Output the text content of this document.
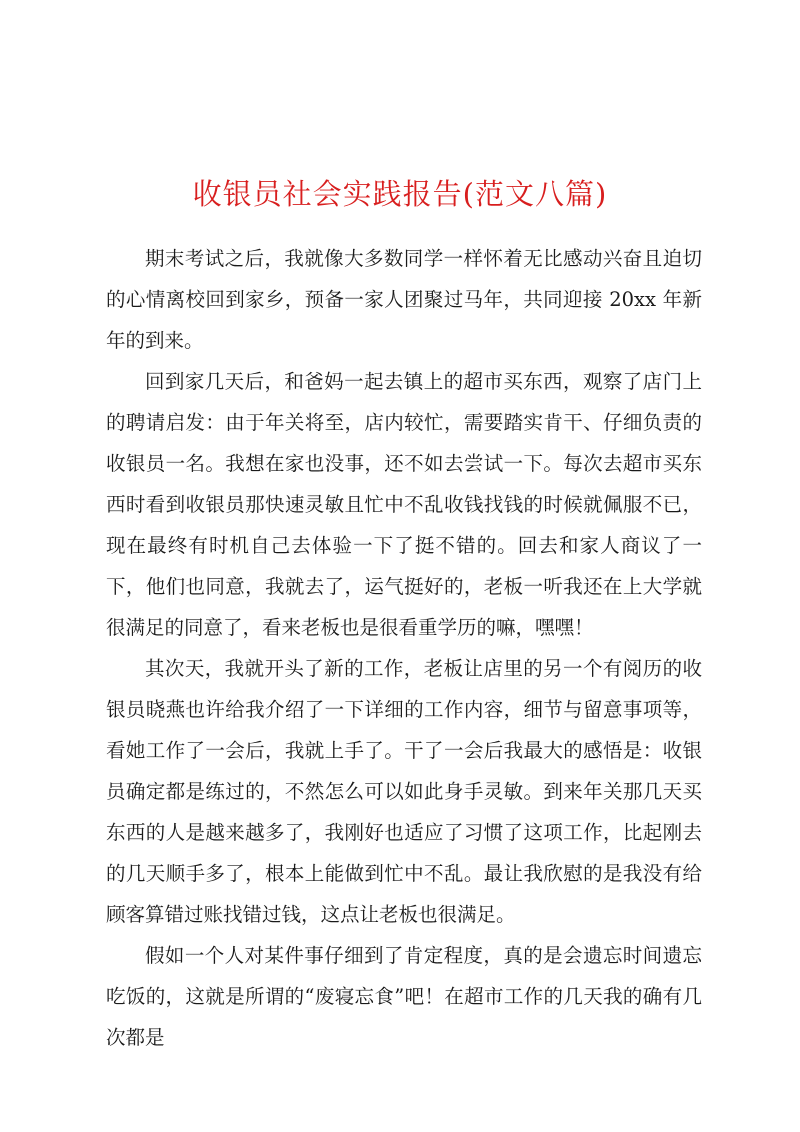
收银员社会实践报告(范文八篇)

期末考试之后，我就像大多数同学一样怀着无比感动兴奋且迫切的心情离校回到家乡，预备一家人团聚过马年，共同迎接 20xx 年新年的到来。

回到家几天后，和爸妈一起去镇上的超市买东西，观察了店门上的聘请启发：由于年关将至，店内较忙，需要踏实肯干、仔细负责的收银员一名。我想在家也没事，还不如去尝试一下。每次去超市买东西时看到收银员那快速灵敏且忙中不乱收钱找钱的时候就佩服不已，现在最终有时机自己去体验一下了挺不错的。回去和家人商议了一下，他们也同意，我就去了，运气挺好的，老板一听我还在上大学就很满足的同意了，看来老板也是很看重学历的嘛，嘿嘿！

其次天，我就开头了新的工作，老板让店里的另一个有阅历的收银员晓燕也许给我介绍了一下详细的工作内容，细节与留意事项等，看她工作了一会后，我就上手了。干了一会后我最大的感悟是：收银员确定都是练过的，不然怎么可以如此身手灵敏。到来年关那几天买东西的人是越来越多了，我刚好也适应了习惯了这项工作，比起刚去的几天顺手多了，根本上能做到忙中不乱。最让我欣慰的是我没有给顾客算错过账找错过钱，这点让老板也很满足。

假如一个人对某件事仔细到了肯定程度，真的是会遗忘时间遗忘吃饭的，这就是所谓的“废寝忘食”吧！在超市工作的几天我的确有几次都是
